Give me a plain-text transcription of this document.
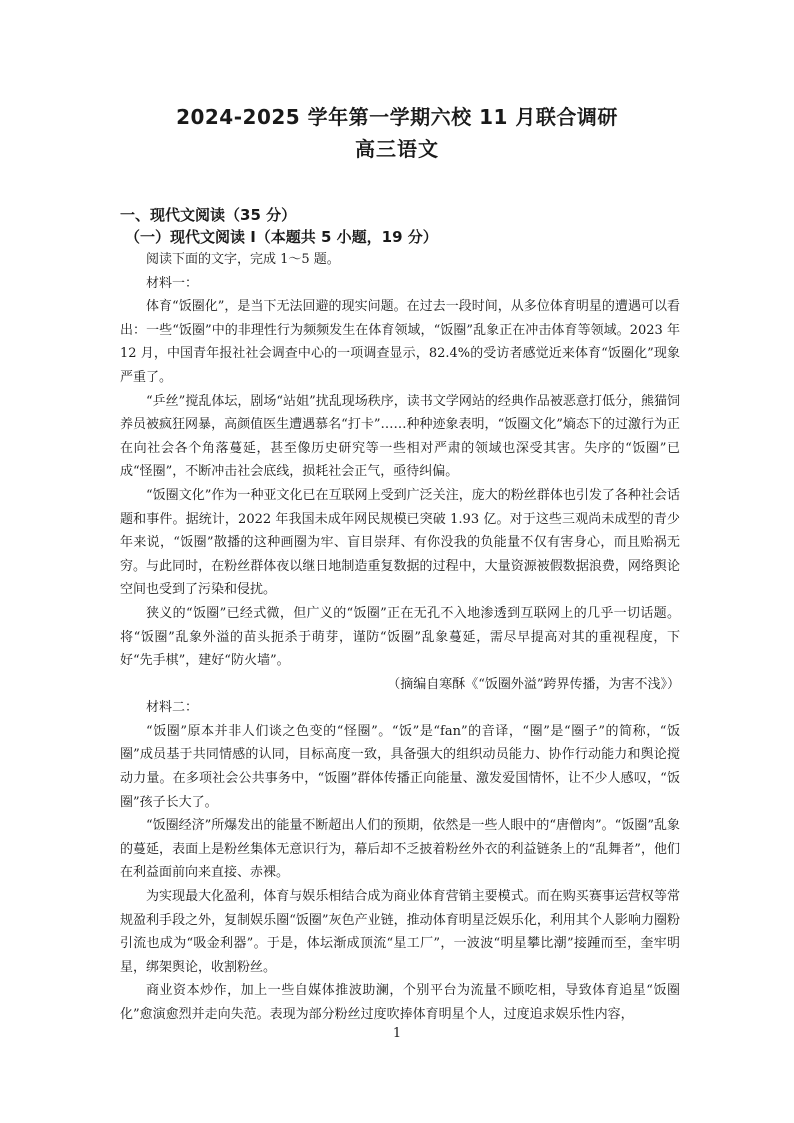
2024-2025 学年第一学期六校 11 月联合调研
高三语文
一、现代文阅读（35 分）
（一）现代文阅读 I（本题共 5 小题，19 分）

阅读下面的文字，完成 1～5 题。

材料一：

体育“饭圈化”，是当下无法回避的现实问题。在过去一段时间，从多位体育明星的遭遇可以看出：一些“饭圈”中的非理性行为频频发生在体育领域，“饭圈”乱象正在冲击体育等领域。2023 年 12 月，中国青年报社社会调查中心的一项调查显示，82.4%的受访者感觉近来体育“饭圈化”现象严重了。

“乒丝”搅乱体坛，剧场“站姐”扰乱现场秩序，读书文学网站的经典作品被恶意打低分，熊猫饲养员被疯狂网暴，高颜值医生遭遇慕名“打卡”……种种迹象表明，“饭圈文化”熵态下的过激行为正在向社会各个角落蔓延，甚至像历史研究等一些相对严肃的领域也深受其害。失序的“饭圈”已成“怪圈”，不断冲击社会底线，损耗社会正气，亟待纠偏。

“饭圈文化”作为一种亚文化已在互联网上受到广泛关注，庞大的粉丝群体也引发了各种社会话题和事件。据统计，2022 年我国未成年网民规模已突破 1.93 亿。对于这些三观尚未成型的青少年来说，“饭圈”散播的这种画圈为牢、盲目崇拜、有你没我的负能量不仅有害身心，而且贻祸无穷。与此同时，在粉丝群体夜以继日地制造重复数据的过程中，大量资源被假数据浪费，网络舆论空间也受到了污染和侵扰。

狭义的“饭圈”已经式微，但广义的“饭圈”正在无孔不入地渗透到互联网上的几乎一切话题。将“饭圈”乱象外溢的苗头扼杀于萌芽，谨防“饭圈”乱象蔓延，需尽早提高对其的重视程度，下好“先手棋”，建好“防火墙”。

（摘编自寒酥《“饭圈外溢”跨界传播，为害不浅》）

材料二：

“饭圈”原本并非人们谈之色变的“怪圈”。“饭”是“fan”的音译，“圈”是“圈子”的简称，“饭圈”成员基于共同情感的认同，目标高度一致，具备强大的组织动员能力、协作行动能力和舆论搅动力量。在多项社会公共事务中，“饭圈”群体传播正向能量、激发爱国情怀，让不少人感叹，“饭圈”孩子长大了。

“饭圈经济”所爆发出的能量不断超出人们的预期，依然是一些人眼中的“唐僧肉”。“饭圈”乱象的蔓延，表面上是粉丝集体无意识行为，幕后却不乏披着粉丝外衣的利益链条上的“乱舞者”，他们在利益面前向来直接、赤裸。

为实现最大化盈利，体育与娱乐相结合成为商业体育营销主要模式。而在购买赛事运营权等常规盈利手段之外，复制娱乐圈“饭圈”灰色产业链，推动体育明星泛娱乐化，利用其个人影响力圈粉引流也成为“吸金利器”。于是，体坛渐成顶流“星工厂”，一波波“明星攀比潮”接踵而至，奎牢明星，绑架舆论，收割粉丝。

商业资本炒作，加上一些自媒体推波助澜，个别平台为流量不顾吃相，导致体育追星“饭圈化”愈演愈烈并走向失范。表现为部分粉丝过度吹捧体育明星个人，过度追求娱乐性内容，

1
